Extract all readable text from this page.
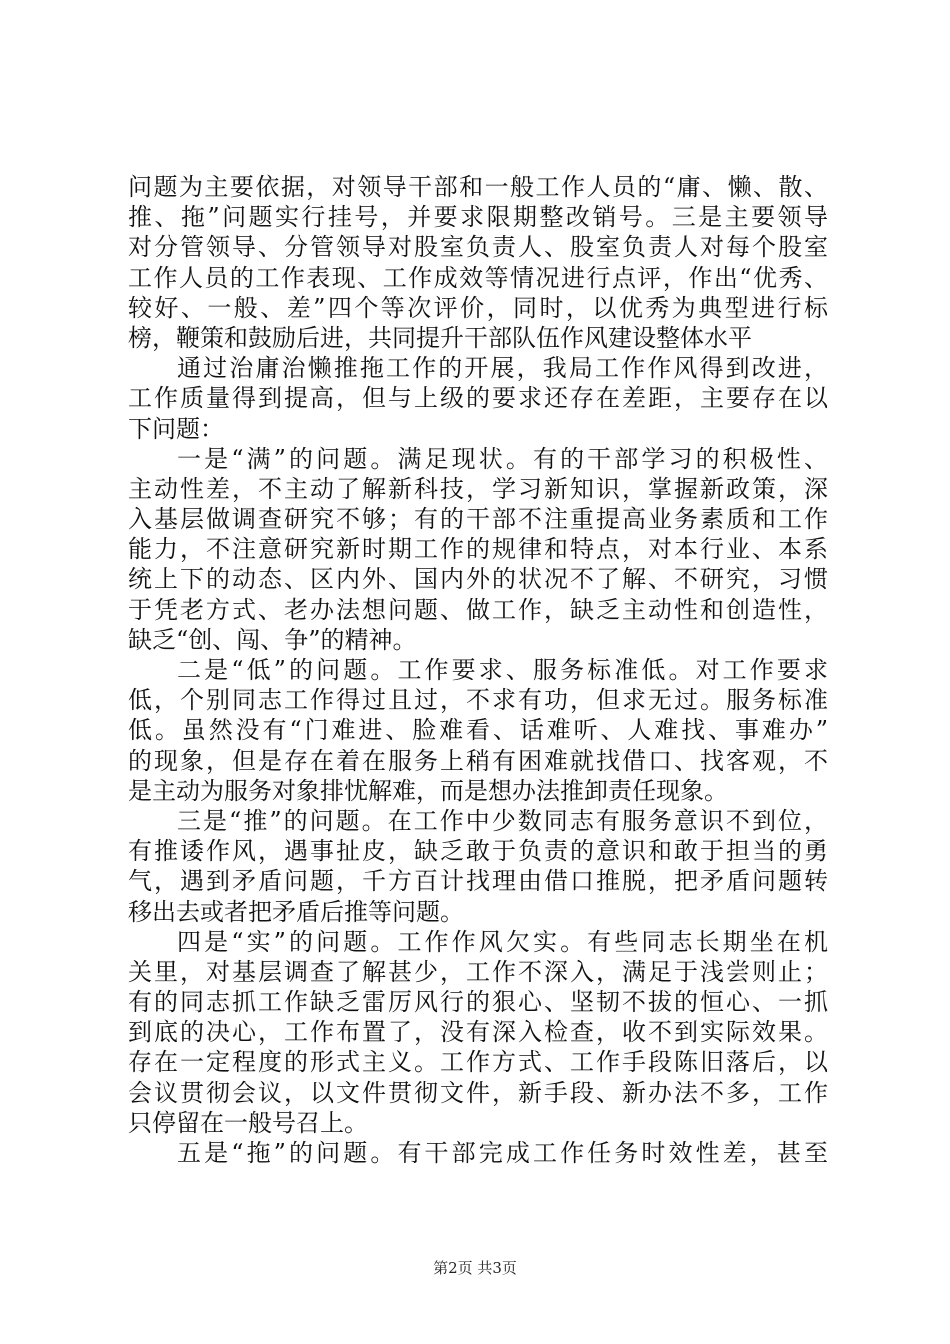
问题为主要依据，对领导干部和一般工作人员的“庸、懒、散、
推、拖”问题实行挂号，并要求限期整改销号。三是主要领导
对分管领导、分管领导对股室负责人、股室负责人对每个股室
工作人员的工作表现、工作成效等情况进行点评，作出“优秀、
较好、一般、差”四个等次评价，同时，以优秀为典型进行标
榜，鞭策和鼓励后进，共同提升干部队伍作风建设整体水平
通过治庸治懒推拖工作的开展，我局工作作风得到改进，
工作质量得到提高，但与上级的要求还存在差距，主要存在以
下问题：
一是“满”的问题。满足现状。有的干部学习的积极性、
主动性差，不主动了解新科技，学习新知识，掌握新政策，深
入基层做调查研究不够；有的干部不注重提高业务素质和工作
能力，不注意研究新时期工作的规律和特点，对本行业、本系
统上下的动态、区内外、国内外的状况不了解、不研究，习惯
于凭老方式、老办法想问题、做工作，缺乏主动性和创造性，
缺乏“创、闯、争”的精神。
二是“低”的问题。工作要求、服务标准低。对工作要求
低，个别同志工作得过且过，不求有功，但求无过。服务标准
低。虽然没有“门难进、脸难看、话难听、人难找、事难办”
的现象，但是存在着在服务上稍有困难就找借口、找客观，不
是主动为服务对象排忧解难，而是想办法推卸责任现象。
三是“推”的问题。在工作中少数同志有服务意识不到位，
有推诿作风，遇事扯皮，缺乏敢于负责的意识和敢于担当的勇
气，遇到矛盾问题，千方百计找理由借口推脱，把矛盾问题转
移出去或者把矛盾后推等问题。
四是“实”的问题。工作作风欠实。有些同志长期坐在机
关里，对基层调查了解甚少，工作不深入，满足于浅尝则止；
有的同志抓工作缺乏雷厉风行的狠心、坚韧不拔的恒心、一抓
到底的决心，工作布置了，没有深入检查，收不到实际效果。
存在一定程度的形式主义。工作方式、工作手段陈旧落后，以
会议贯彻会议，以文件贯彻文件，新手段、新办法不多，工作
只停留在一般号召上。
五是“拖”的问题。有干部完成工作任务时效性差，甚至
第2页 共3页
